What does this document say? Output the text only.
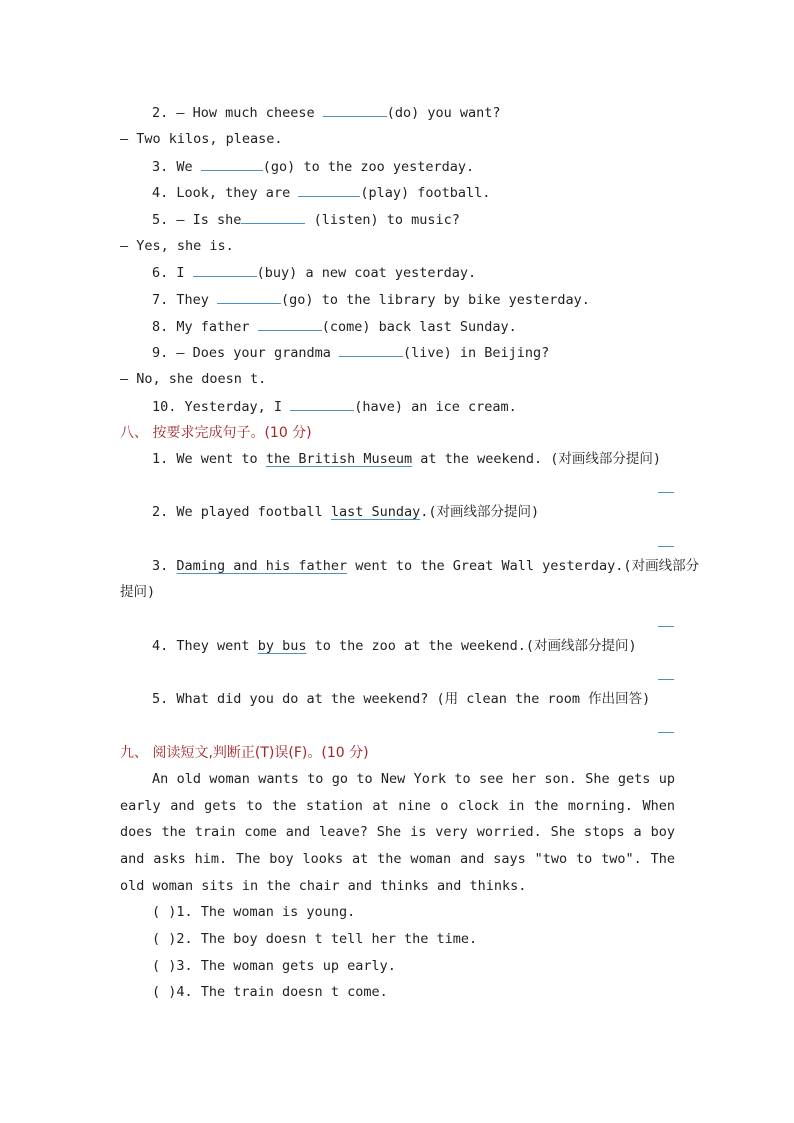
2. — How much cheese	(do) you want?
— Two kilos, please.
3. We	(go) to the zoo yesterday.
4. Look, they are	(play) football.
5. — Is she	(listen) to music?
— Yes, she is.
6. I	(buy) a new coat yesterday.
7. They	(go) to the library by bike yesterday.
8. My father	(come) back last Sunday.
9. — Does your grandma	(live) in Beijing?
— No, she doesn t.
10. Yesterday, I	(have) an ice cream.
八、 按要求完成句子。(10 分)
1. We went to the British Museum at the weekend. (对画线部分提问)
2. We played football last Sunday.(对画线部分提问)
3. Daming and his father went to the Great Wall yesterday.(对画线部分
提问)
4. They went by bus to the zoo at the weekend.(对画线部分提问)
5. What did you do at the weekend? (用 clean the room 作出回答)
九、 阅读短文,判断正(T)误(F)。(10 分)
An old woman wants to go to New York to see her son. She gets up early and gets to the station at nine o clock in the morning. When does the train come and leave? She is very worried. She stops a boy and asks him. The boy looks at the woman and says "two to two". The old woman sits in the chair and thinks and thinks.
( )1. The woman is young.
( )2. The boy doesn t tell her the time.
( )3. The woman gets up early.
( )4. The train doesn t come.
